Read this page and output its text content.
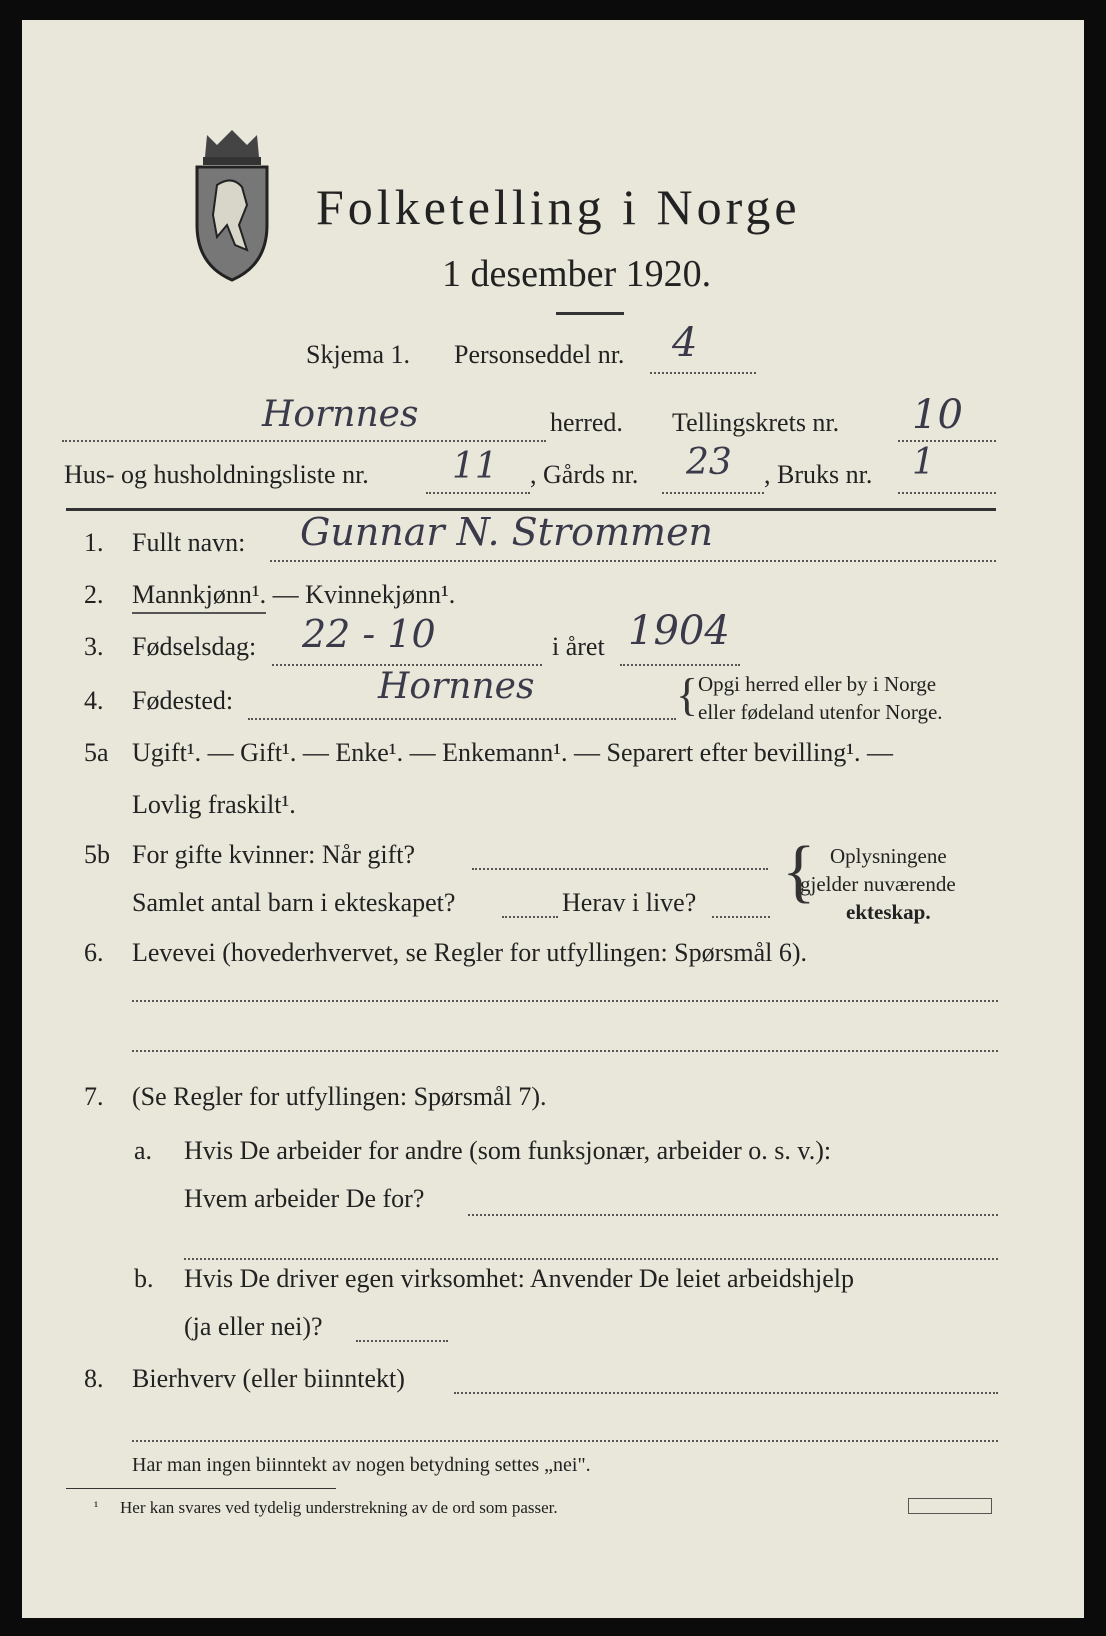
Folketelling i Norge
1 desember 1920.
Skjema 1. Personseddel nr. 4
Hornnes	herred. Tellingskrets nr. 10
Hus- og husholdningsliste nr. 11 , Gårds nr. 23 , Bruks nr. 1
1. Fullt navn: Gunnar N. Strommen
2. Mannkjønn¹. — Kvinnekjønn¹.
3. Fødselsdag: 22 - 10	i året 1904
4. Fødested:	Hornnes	{ Opgi herred eller by i Norge
eller fødeland utenfor Norge.
5a Ugift¹. — Gift¹. — Enke¹. — Enkemann¹. — Separert efter bevilling¹. —
Lovlig fraskilt¹.
5b For gifte kvinner: Når gift?
Samlet antal barn i ekteskapet?	Herav i live? { Oplysningene
gjelder nuværende
ekteskap.
6. Levevei (hovederhvervet, se Regler for utfyllingen: Spørsmål 6).
7. (Se Regler for utfyllingen: Spørsmål 7).
a. Hvis De arbeider for andre (som funksjonær, arbeider o. s. v.):
Hvem arbeider De for?
b. Hvis De driver egen virksomhet: Anvender De leiet arbeidshjelp
(ja eller nei)?
8. Bierhverv (eller biinntekt)
Har man ingen biinntekt av nogen betydning settes „nei".
¹ Her kan svares ved tydelig understrekning av de ord som passer.
